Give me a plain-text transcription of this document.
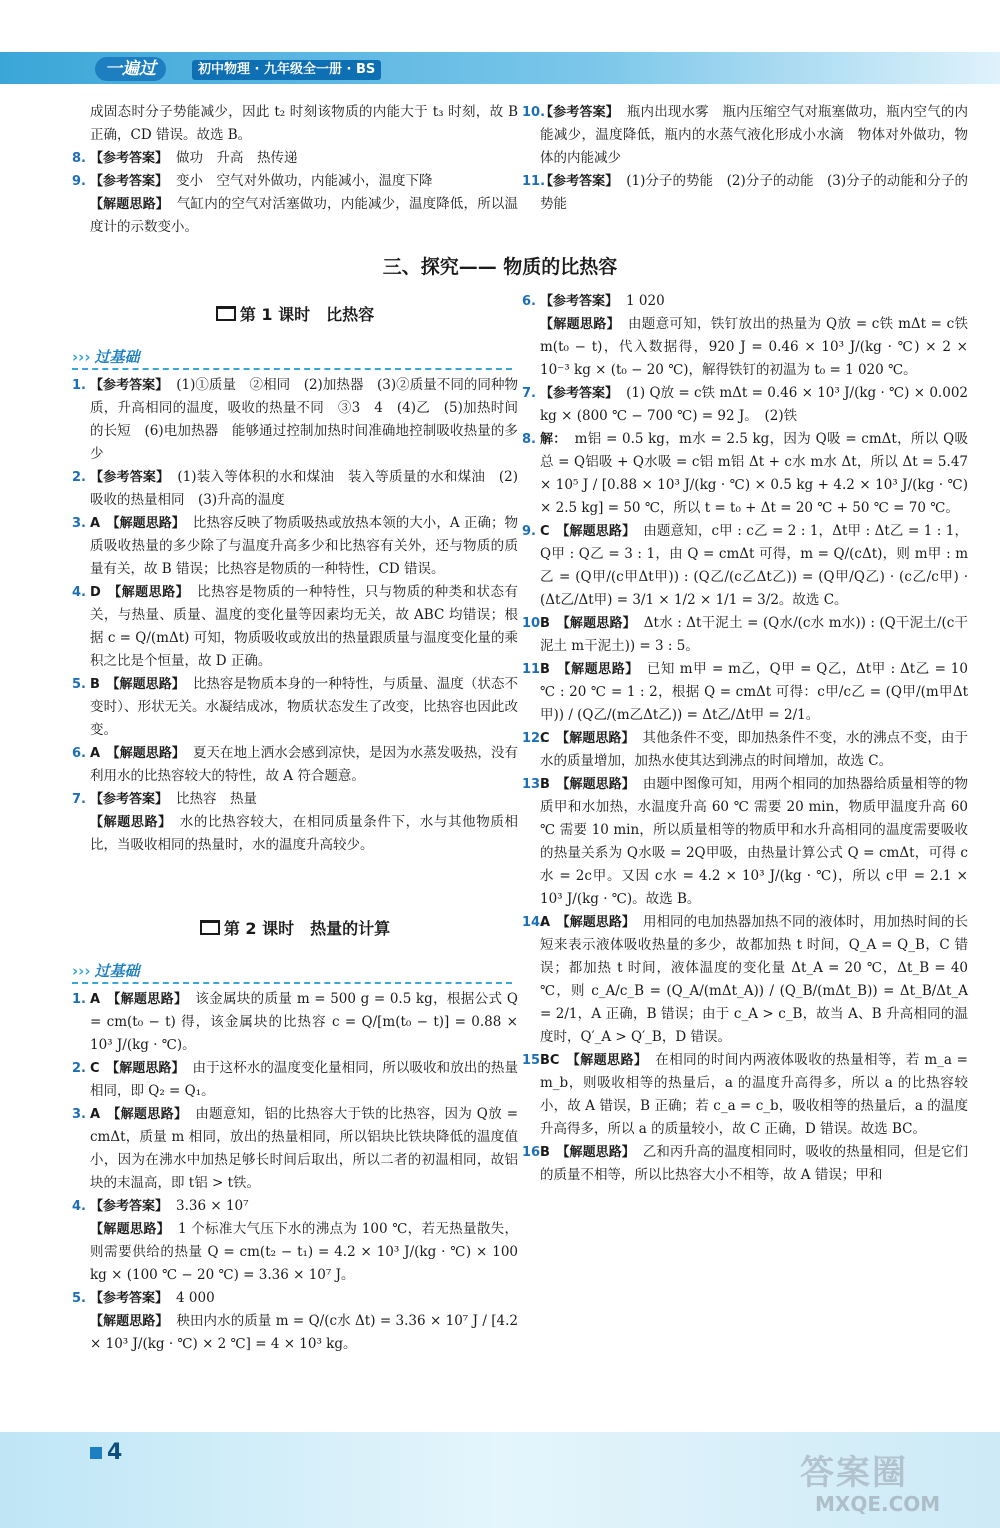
一遍过	初中物理 · 九年级全一册 · BS
成固态时分子势能减少，因此 t₂ 时刻该物质的内能大于 t₃ 时刻，故 B 正确，CD 错误。故选 B。
8. 【参考答案】 做功　升高　热传递
9. 【参考答案】 变小　空气对外做功，内能减小，温度下降
【解题思路】 气缸内的空气对活塞做功，内能减少，温度降低，所以温度计的示数变小。
10.
【参考答案】 瓶内出现水雾　瓶内压缩空气对瓶塞做功，瓶内空气的内能减少，温度降低，瓶内的水蒸气液化形成小水滴　物体对外做功，物体的内能减少
11.
【参考答案】 (1)分子的势能　(2)分子的动能　(3)分子的动能和分子的势能
三、探究—— 物质的比热容
第 1 课时　比热容
››› 过基础
1. 【参考答案】 (1)①质量　②相同　(2)加热器　(3)②质量不同的同种物质，升高相同的温度，吸收的热量不同　③3　4　(4)乙　(5)加热时间的长短　(6)电加热器　能够通过控制加热时间准确地控制吸收热量的多少
2. 【参考答案】 (1)装入等体积的水和煤油　装入等质量的水和煤油　(2)吸收的热量相同　(3)升高的温度
3. A　【解题思路】 比热容反映了物质吸热或放热本领的大小，A 正确；物质吸收热量的多少除了与温度升高多少和比热容有关外，还与物质的质量有关，故 B 错误；比热容是物质的一种特性，CD 错误。
4. D　【解题思路】 比热容是物质的一种特性，只与物质的种类和状态有关，与热量、质量、温度的变化量等因素均无关，故 ABC 均错误；根据 c = Q/(mΔt) 可知，物质吸收或放出的热量跟质量与温度变化量的乘积之比是个恒量，故 D 正确。
5. B　【解题思路】 比热容是物质本身的一种特性，与质量、温度（状态不变时）、形状无关。水凝结成冰，物质状态发生了改变，比热容也因此改变。
6. A　【解题思路】 夏天在地上洒水会感到凉快，是因为水蒸发吸热，没有利用水的比热容较大的特性，故 A 符合题意。
7. 【参考答案】 比热容　热量
【解题思路】 水的比热容较大，在相同质量条件下，水与其他物质相比，当吸收相同的热量时，水的温度升高较少。
第 2 课时　热量的计算
››› 过基础
1. A　【解题思路】 该金属块的质量 m = 500 g = 0.5 kg，根据公式 Q = cm(t₀ − t) 得，该金属块的比热容 c = Q/[m(t₀ − t)] = 0.88 × 10³ J/(kg · ℃)。
2. C　【解题思路】 由于这杯水的温度变化量相同，所以吸收和放出的热量相同，即 Q₂ = Q₁。
3. A　【解题思路】 由题意知，铝的比热容大于铁的比热容，因为 Q放 = cmΔt，质量 m 相同，放出的热量相同，所以铝块比铁块降低的温度值小，因为在沸水中加热足够长时间后取出，所以二者的初温相同，故铝块的末温高，即 t铝 > t铁。
4. 【参考答案】 3.36 × 10⁷
【解题思路】 1 个标准大气压下水的沸点为 100 ℃，若无热量散失，则需要供给的热量 Q = cm(t₂ − t₁) = 4.2 × 10³ J/(kg · ℃) × 100 kg × (100 ℃ − 20 ℃) = 3.36 × 10⁷ J。
5. 【参考答案】 4 000
【解题思路】 秧田内水的质量 m = Q/(c水 Δt) = 3.36 × 10⁷ J / [4.2 × 10³ J/(kg · ℃) × 2 ℃] = 4 × 10³ kg。
6. 【参考答案】 1 020
【解题思路】 由题意可知，铁钉放出的热量为 Q放 = c铁 mΔt = c铁 m(t₀ − t)，代入数据得，920 J = 0.46 × 10³ J/(kg · ℃) × 2 × 10⁻³ kg × (t₀ − 20 ℃)，解得铁钉的初温为 t₀ = 1 020 ℃。
7. 【参考答案】 (1) Q放 = c铁 mΔt = 0.46 × 10³ J/(kg · ℃) × 0.002 kg × (800 ℃ − 700 ℃) = 92 J。　(2)铁
8. 解： m铝 = 0.5 kg，m水 = 2.5 kg，因为 Q吸 = cmΔt，所以 Q吸总 = Q铝吸 + Q水吸 = c铝 m铝 Δt + c水 m水 Δt，所以 Δt = 5.47 × 10⁵ J / [0.88 × 10³ J/(kg · ℃) × 0.5 kg + 4.2 × 10³ J/(kg · ℃) × 2.5 kg] = 50 ℃，所以 t = t₀ + Δt = 20 ℃ + 50 ℃ = 70 ℃。
9. C　【解题思路】 由题意知，c甲 : c乙 = 2 : 1，Δt甲 : Δt乙 = 1 : 1，Q甲 : Q乙 = 3 : 1，由 Q = cmΔt 可得，m = Q/(cΔt)，则 m甲 : m乙 = (Q甲/(c甲Δt甲)) : (Q乙/(c乙Δt乙)) = (Q甲/Q乙) · (c乙/c甲) · (Δt乙/Δt甲) = 3/1 × 1/2 × 1/1 = 3/2。故选 C。
10.
B　【解题思路】 Δt水 : Δt干泥土 = (Q水/(c水 m水)) : (Q干泥土/(c干泥土 m干泥土)) = 3 : 5。
11.
B　【解题思路】 已知 m甲 = m乙，Q甲 = Q乙，Δt甲 : Δt乙 = 10 ℃ : 20 ℃ = 1 : 2，根据 Q = cmΔt 可得：c甲/c乙 = (Q甲/(m甲Δt甲)) / (Q乙/(m乙Δt乙)) = Δt乙/Δt甲 = 2/1。
12.
C　【解题思路】 其他条件不变，即加热条件不变，水的沸点不变，由于水的质量增加，加热水使其达到沸点的时间增加，故选 C。
13.
B　【解题思路】 由题中图像可知，用两个相同的加热器给质量相等的物质甲和水加热，水温度升高 60 ℃ 需要 20 min，物质甲温度升高 60 ℃ 需要 10 min，所以质量相等的物质甲和水升高相同的温度需要吸收的热量关系为 Q水吸 = 2Q甲吸，由热量计算公式 Q = cmΔt，可得 c水 = 2c甲。又因 c水 = 4.2 × 10³ J/(kg · ℃)，所以 c甲 = 2.1 × 10³ J/(kg · ℃)。故选 B。
14.
A　【解题思路】 用相同的电加热器加热不同的液体时，用加热时间的长短来表示液体吸收热量的多少，故都加热 t 时间，Q_A = Q_B，C 错误；都加热 t 时间，液体温度的变化量 Δt_A = 20 ℃，Δt_B = 40 ℃，则 c_A/c_B = (Q_A/(mΔt_A)) / (Q_B/(mΔt_B)) = Δt_B/Δt_A = 2/1，A 正确，B 错误；由于 c_A > c_B，故当 A、B 升高相同的温度时，Q′_A > Q′_B，D 错误。
15.
BC　【解题思路】 在相同的时间内两液体吸收的热量相等，若 m_a = m_b，则吸收相等的热量后，a 的温度升高得多，所以 a 的比热容较小，故 A 错误，B 正确；若 c_a = c_b，吸收相等的热量后，a 的温度升高得多，所以 a 的质量较小，故 C 正确，D 错误。故选 BC。
16.
B　【解题思路】 乙和丙升高的温度相同时，吸收的热量相同，但是它们的质量不相等，所以比热容大小不相等，故 A 错误；甲和
4
答案圈
MXQE.COM
